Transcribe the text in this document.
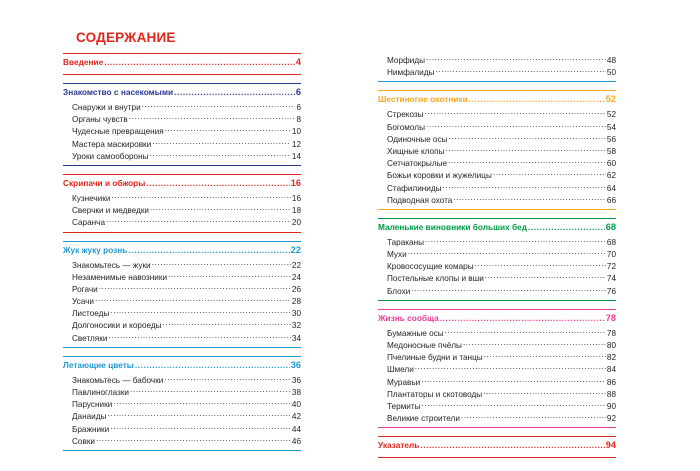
СОДЕРЖАНИЕ
Введение .....	4
Знакомство с насекомыми .....	6
Снаружи и внутри .....	6
Органы чувств .....	8
Чудесные превращения .....	10
Мастера маскировки .....	12
Уроки самообороны .....	14
Скрипачи и обжоры .....	16
Кузнечики .....	16
Сверчки и медведки .....	18
Саранча .....	20
Жук жуку рознь .....	22
Знакомьтесь — жуки .....	22
Незаменимые навозники .....	24
Рогачи .....	26
Усачи .....	28
Листоеды .....	30
Долгоносики и короеды .....	32
Светляки .....	34
Летающие цветы .....	36
Знакомьтесь — бабочки .....	36
Павлиноглазки .....	38
Парусники .....	40
Данаиды .....	42
Бражники .....	44
Совки .....	46
Морфиды .....	48
Нимфалиды .....	50
Шестиногие охотники .....	52
Стрекозы .....	52
Богомолы .....	54
Одиночные осы .....	56
Хищные клопы .....	58
Сетчатокрылые .....	60
Божьи коровки и жужелицы .....	62
Стафилиниды .....	64
Подводная охота .....	66
Маленькие виновники больших бед .....	68
Тараканы .....	68
Мухи .....	70
Кровососущие комары .....	72
Постельные клопы и вши .....	74
Блохи .....	76
Жизнь сообща .....	78
Бумажные осы .....	78
Медоносные пчёлы .....	80
Пчелиные будни и танцы .....	82
Шмели .....	84
Муравьи .....	86
Плантаторы и скотоводы .....	88
Термиты .....	90
Великие строители .....	92
Указатель .....	94
